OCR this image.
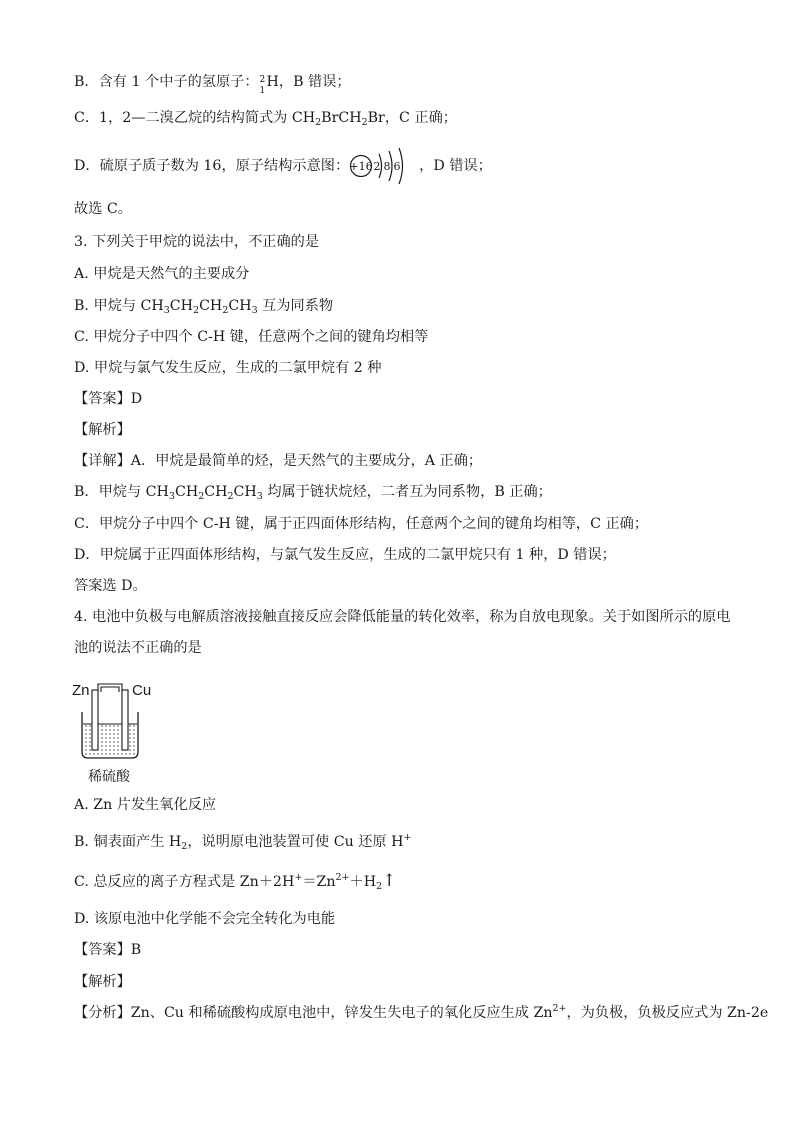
B．含有 1 个中子的氢原子： 2
1
H，B 错误；
C．1，2—二溴乙烷的结构简式为 $CH_2BrCH_2Br$，C 正确；
D．硫原子质子数为 16，原子结构示意图： +16 2 8 6 ，D 错误；
故选 C。
3. 下列关于甲烷的说法中，不正确的是
A. 甲烷是天然气的主要成分
B. 甲烷与 $CH_3CH_2CH_2CH_3$ 互为同系物
C. 甲烷分子中四个 C-H 键，任意两个之间的键角均相等
D. 甲烷与氯气发生反应，生成的二氯甲烷有 2 种
【答案】D
【解析】
【详解】A．甲烷是最简单的烃，是天然气的主要成分，A 正确；
B．甲烷与 $CH_3CH_2CH_2CH_3$ 均属于链状烷烃，二者互为同系物，B 正确；
C．甲烷分子中四个 C-H 键，属于正四面体形结构，任意两个之间的键角均相等，C 正确；
D．甲烷属于正四面体形结构，与氯气发生反应，生成的二氯甲烷只有 1 种，D 错误；
答案选 D。
4. 电池中负极与电解质溶液接触直接反应会降低能量的转化效率，称为自放电现象。关于如图所示的原电
池的说法不正确的是
Zn	Cu
稀硫酸
A. Zn 片发生氧化反应
B. 铜表面产生 $H_2$，说明原电池装置可使 Cu 还原 H+
C. 总反应的离子方程式是 $Zn+2H^+=Zn^{2+}+H_2↑$
D. 该原电池中化学能不会完全转化为电能
【答案】B
【解析】
【分析】Zn、Cu 和稀硫酸构成原电池中，锌发生失电子的氧化反应生成 $Zn^{2+}$，为负极，负极反应式为 Zn-2e
